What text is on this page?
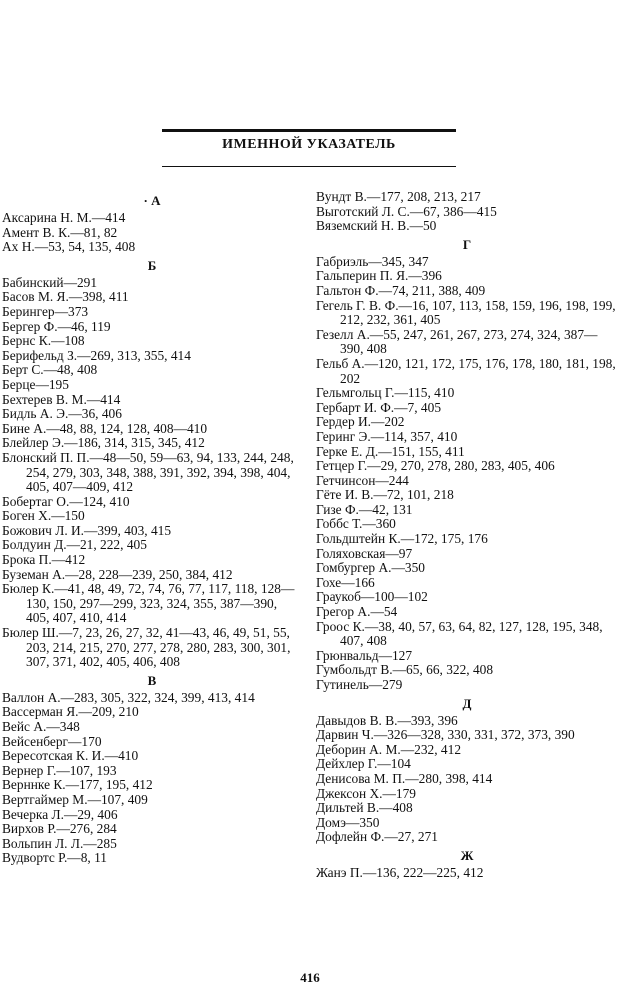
ИМЕННОЙ УКАЗАТЕЛЬ
· А
Аксарина Н. М.—414
Амент В. К.—81, 82
Ах Н.—53, 54, 135, 408
Б
Бабинский—291
Басов М. Я.—398, 411
Берингер—373
Бергер Ф.—46, 119
Бернс К.—108
Берифельд З.—269, 313, 355, 414
Берт С.—48, 408
Берце—195
Бехтерев В. М.—414
Бидль А. Э.—36, 406
Бине А.—48, 88, 124, 128, 408—410
Блейлер Э.—186, 314, 315, 345, 412
Блонский П. П.—48—50, 59—63, 94, 133, 244, 248, 254, 279, 303, 348, 388, 391, 392, 394, 398, 404, 405, 407—409, 412
Бобертаг О.—124, 410
Боген Х.—150
Божович Л. И.—399, 403, 415
Болдуин Д.—21, 222, 405
Брока П.—412
Буземан А.—28, 228—239, 250, 384, 412
Бюлер К.—41, 48, 49, 72, 74, 76, 77, 117, 118, 128—130, 150, 297—299, 323, 324, 355, 387—390, 405, 407, 410, 414
Бюлер Ш.—7, 23, 26, 27, 32, 41—43, 46, 49, 51, 55, 203, 214, 215, 270, 277, 278, 280, 283, 300, 301, 307, 371, 402, 405, 406, 408
В
Валлон А.—283, 305, 322, 324, 399, 413, 414
Вассерман Я.—209, 210
Вейс А.—348
Вейсенберг—170
Вересотская К. И.—410
Вернер Г.—107, 193
Верннке К.—177, 195, 412
Вертгаймер М.—107, 409
Вечерка Л.—29, 406
Вирхов Р.—276, 284
Вольпин Л. Л.—285
Вудвортс Р.—8, 11
Вундт В.—177, 208, 213, 217
Выготский Л. С.—67, 386—415
Вяземский Н. В.—50
Г
Габриэль—345, 347
Гальперин П. Я.—396
Гальтон Ф.—74, 211, 388, 409
Гегель Г. В. Ф.—16, 107, 113, 158, 159, 196, 198, 199, 212, 232, 361, 405
Гезелл А.—55, 247, 261, 267, 273, 274, 324, 387—390, 408
Гельб А.—120, 121, 172, 175, 176, 178, 180, 181, 198, 202
Гельмгольц Г.—115, 410
Гербарт И. Ф.—7, 405
Гердер И.—202
Геринг Э.—114, 357, 410
Герке Е. Д.—151, 155, 411
Гетцер Г.—29, 270, 278, 280, 283, 405, 406
Гетчинсон—244
Гёте И. В.—72, 101, 218
Гизе Ф.—42, 131
Гоббс Т.—360
Гольдштейн К.—172, 175, 176
Голяховская—97
Гомбургер А.—350
Гохе—166
Граукоб—100—102
Грегор А.—54
Гроос К.—38, 40, 57, 63, 64, 82, 127, 128, 195, 348, 407, 408
Грюнвальд—127
Гумбольдт В.—65, 66, 322, 408
Гутинель—279
Д
Давыдов В. В.—393, 396
Дарвин Ч.—326—328, 330, 331, 372, 373, 390
Деборин А. М.—232, 412
Дейхлер Г.—104
Денисова М. П.—280, 398, 414
Джексон Х.—179
Дильтей В.—408
Домэ—350
Дофлейн Ф.—27, 271
Ж
Жанэ П.—136, 222—225, 412
416
